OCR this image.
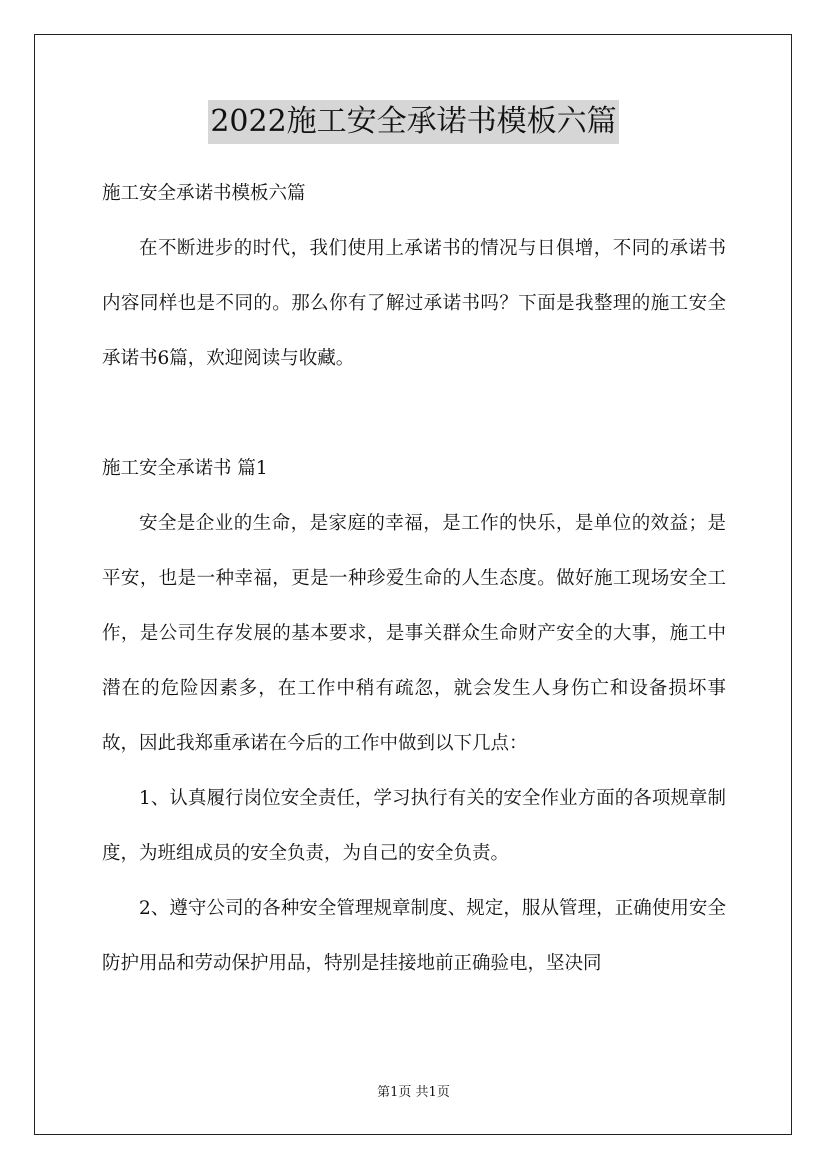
2022施工安全承诺书模板六篇

施工安全承诺书模板六篇

在不断进步的时代，我们使用上承诺书的情况与日俱增，不同的承诺书内容同样也是不同的。那么你有了解过承诺书吗？下面是我整理的施工安全承诺书6篇，欢迎阅读与收藏。

施工安全承诺书 篇1

安全是企业的生命，是家庭的幸福，是工作的快乐，是单位的效益；是平安，也是一种幸福，更是一种珍爱生命的人生态度。做好施工现场安全工作，是公司生存发展的基本要求，是事关群众生命财产安全的大事，施工中潜在的危险因素多，在工作中稍有疏忽，就会发生人身伤亡和设备损坏事故，因此我郑重承诺在今后的工作中做到以下几点：

1、认真履行岗位安全责任，学习执行有关的安全作业方面的各项规章制度，为班组成员的安全负责，为自己的安全负责。

2、遵守公司的各种安全管理规章制度、规定，服从管理，正确使用安全防护用品和劳动保护用品，特别是挂接地前正确验电，坚决同

第1页 共1页
